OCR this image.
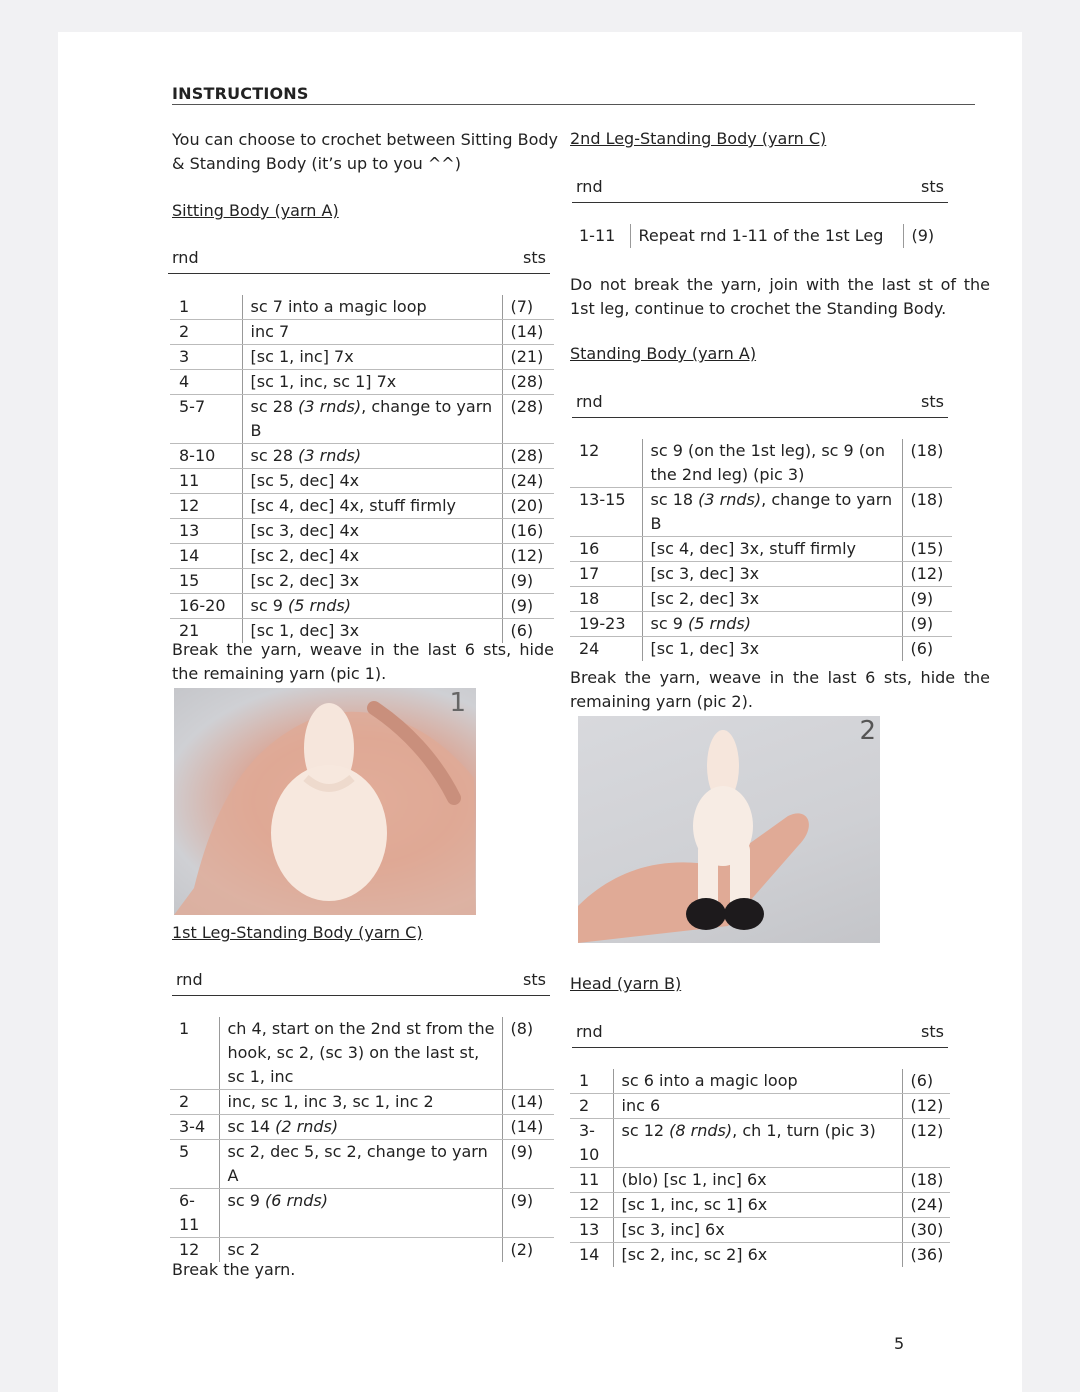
INSTRUCTIONS
You can choose to crochet between Sitting Body & Standing Body (it’s up to you ^^)
Sitting Body (yarn A)
rnd	sts
1	sc 7 into a magic loop	(7)
2	inc 7	(14)
3	[sc 1, inc] 7x	(21)
4	[sc 1, inc, sc 1] 7x	(28)
5-7	sc 28 (3 rnds), change to yarn B	(28)
8-10	sc 28 (3 rnds)	(28)
11	[sc 5, dec] 4x	(24)
12	[sc 4, dec] 4x, stuff firmly	(20)
13	[sc 3, dec] 4x	(16)
14	[sc 2, dec] 4x	(12)
15	[sc 2, dec] 3x	(9)
16-20	sc 9 (5 rnds)	(9)
21	[sc 1, dec] 3x	(6)
Break the yarn, weave in the last 6 sts, hide the remaining yarn (pic 1).
1
1st Leg-Standing Body (yarn C)
rnd	sts
1	ch 4, start on the 2nd st from the hook, sc 2, (sc 3) on the last st, sc 1, inc	(8)
2	inc, sc 1, inc 3, sc 1, inc 2	(14)
3-4	sc 14 (2 rnds)	(14)
5	sc 2, dec 5, sc 2, change to yarn A	(9)
6-11	sc 9 (6 rnds)	(9)
12	sc 2	(2)
Break the yarn.
2nd Leg-Standing Body (yarn C)
rnd	sts
1-11	Repeat rnd 1-11 of the 1st Leg	(9)
Do not break the yarn, join with the last st of the 1st leg, continue to crochet the Standing Body.
Standing Body (yarn A)
rnd	sts
12	sc 9 (on the 1st leg), sc 9 (on the 2nd leg) (pic 3)	(18)
13-15	sc 18 (3 rnds), change to yarn B	(18)
16	[sc 4, dec] 3x, stuff firmly	(15)
17	[sc 3, dec] 3x	(12)
18	[sc 2, dec] 3x	(9)
19-23	sc 9 (5 rnds)	(9)
24	[sc 1, dec] 3x	(6)
Break the yarn, weave in the last 6 sts, hide the remaining yarn (pic 2).
2
Head (yarn B)
rnd	sts
1	sc 6 into a magic loop	(6)
2	inc 6	(12)
3-10	sc 12 (8 rnds), ch 1, turn (pic 3)	(12)
11	(blo) [sc 1, inc] 6x	(18)
12	[sc 1, inc, sc 1] 6x	(24)
13	[sc 3, inc] 6x	(30)
14	[sc 2, inc, sc 2] 6x	(36)
5
